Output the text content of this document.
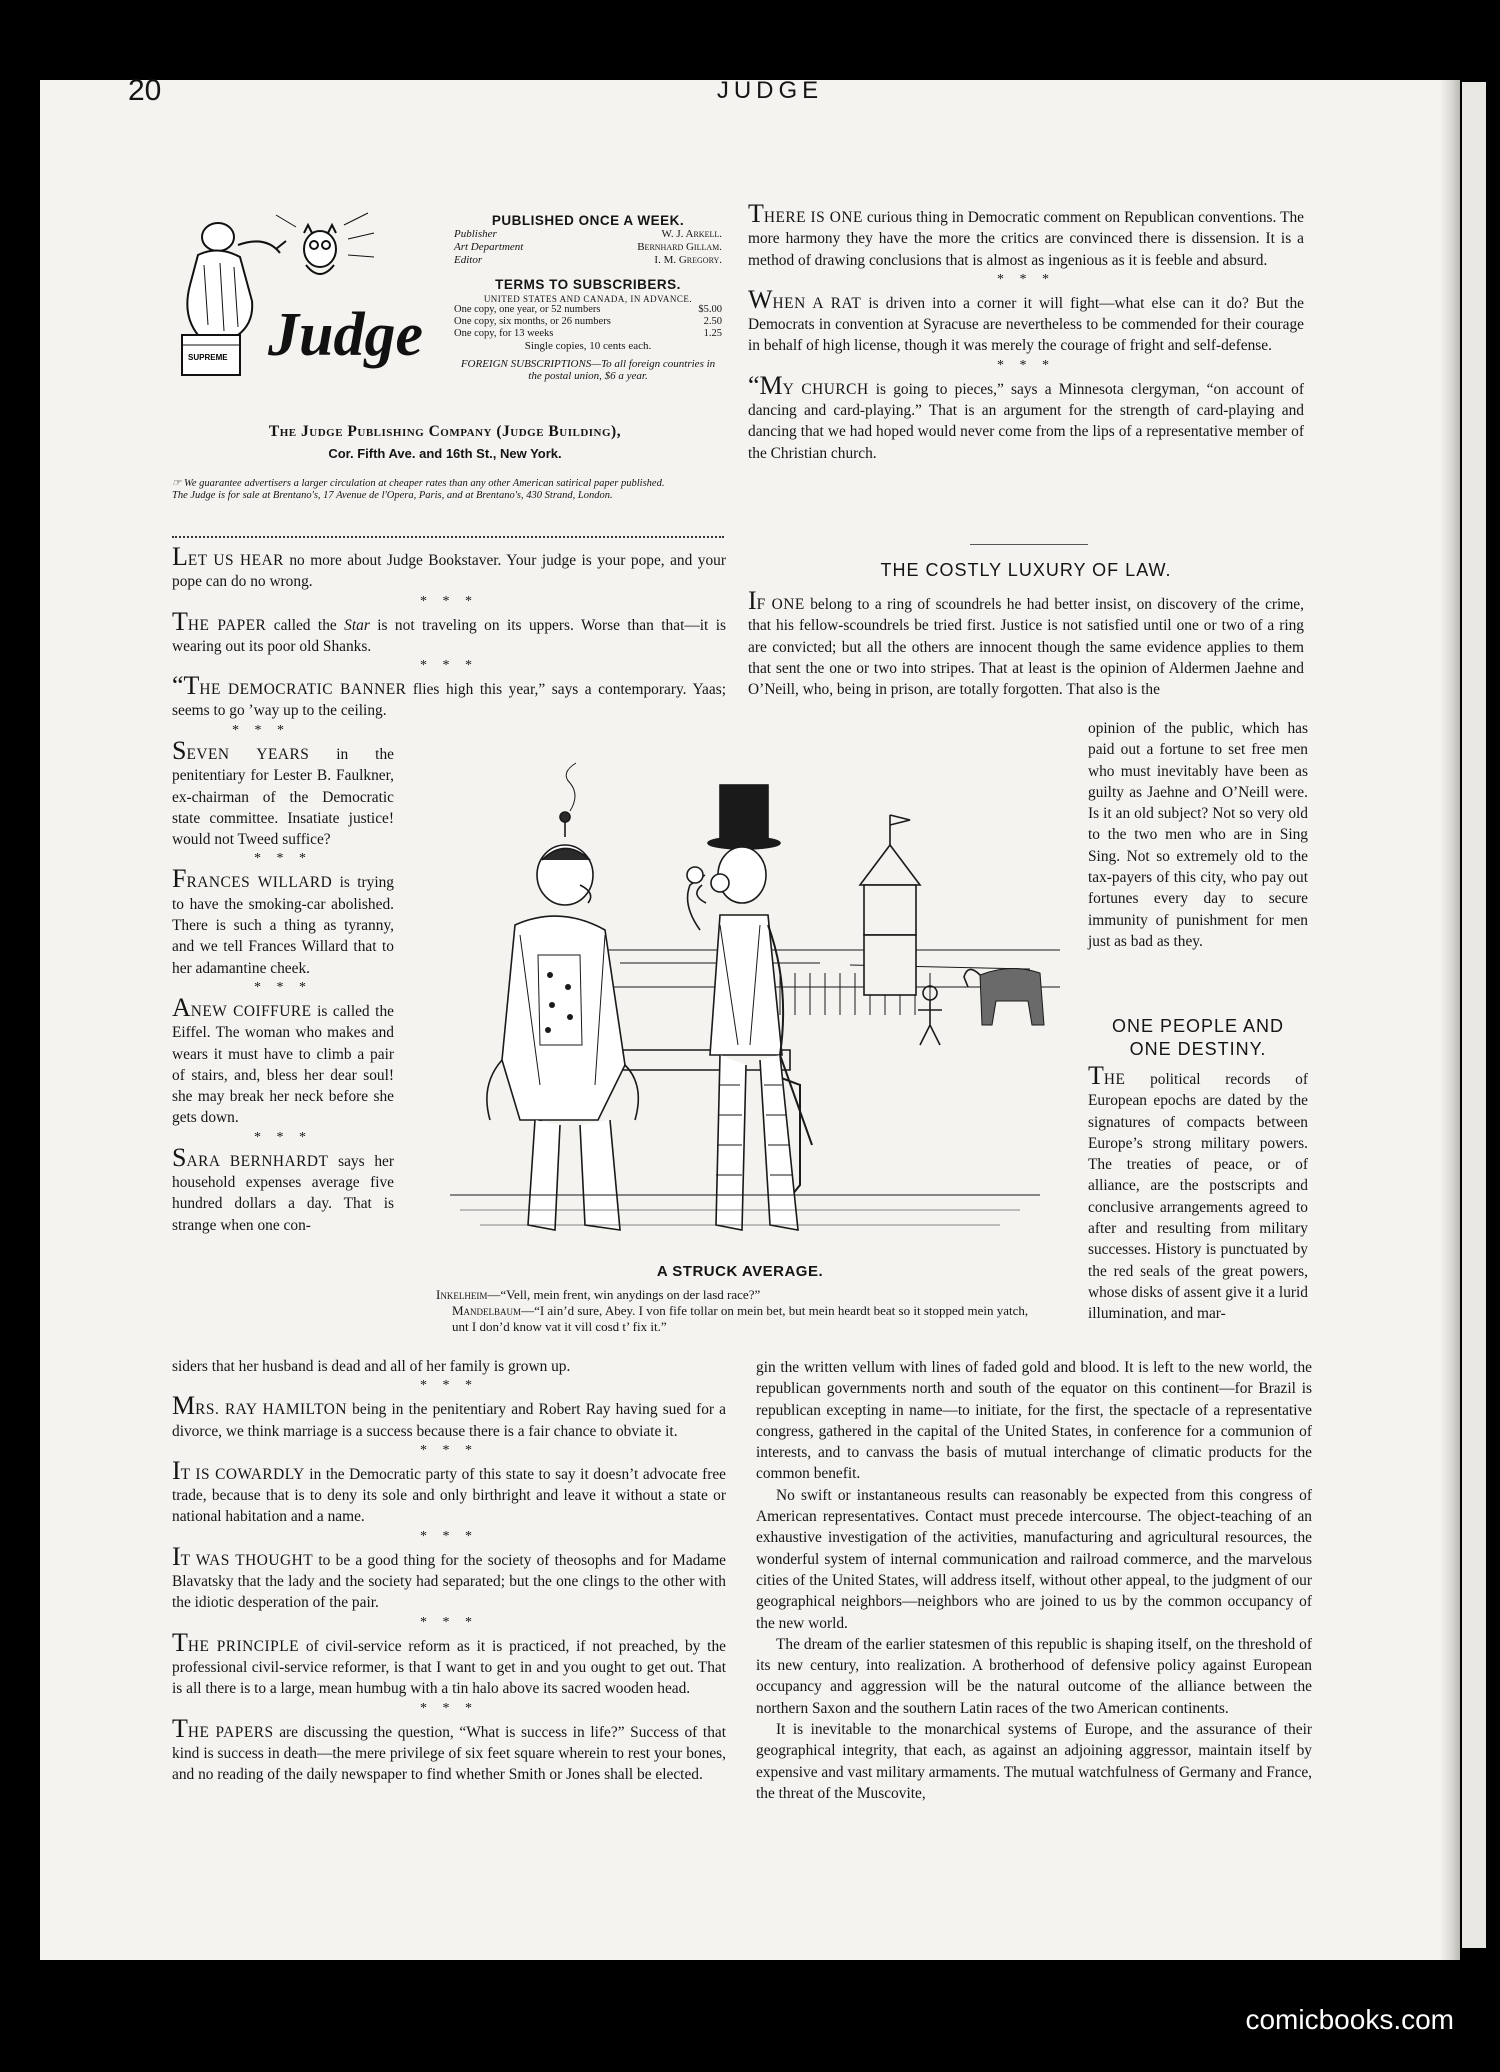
20	JUDGE
SUPREME Judge
PUBLISHED ONCE A WEEK.
Publisher	W. J. Arkell.
Art Department	Bernhard Gillam.
Editor	I. M. Gregory.
TERMS TO SUBSCRIBERS.
UNITED STATES AND CANADA, IN ADVANCE.
One copy, one year, or 52 numbers	$5.00
One copy, six months, or 26 numbers	2.50
One copy, for 13 weeks	1.25
Single copies, 10 cents each.
FOREIGN SUBSCRIPTIONS—To all foreign countries in the postal union, $6 a year.
The Judge Publishing Company (Judge Building),
Cor. Fifth Ave. and 16th St., New York.
☞ We guarantee advertisers a larger circulation at cheaper rates than any other American satirical paper published.
The Judge is for sale at Brentano's, 17 Avenue de l'Opera, Paris, and at Brentano's, 430 Strand, London.

LET US HEAR no more about Judge Bookstaver. Your judge is your pope, and your pope can do no wrong.

* * *

THE PAPER called the Star is not traveling on its uppers. Worse than that—it is wearing out its poor old Shanks.

* * *

“THE DEMOCRATIC BANNER flies high this year,” says a contemporary. Yaas; seems to go ’way up to the ceiling.

* * *

SEVEN YEARS in the penitentiary for Lester B. Faulkner, ex-chairman of the Democratic state committee. Insatiate justice! would not Tweed suffice?

* * *

FRANCES WILLARD is trying to have the smoking-car abolished. There is such a thing as tyranny, and we tell Frances Willard that to her adamantine cheek.

* * *

ANEW COIFFURE is called the Eiffel. The woman who makes and wears it must have to climb a pair of stairs, and, bless her dear soul! she may break her neck before she gets down.

* * *

SARA BERNHARDT says her household expenses average five hundred dollars a day. That is strange when one con-

siders that her husband is dead and all of her family is grown up.

* * *

MRS. RAY HAMILTON being in the penitentiary and Robert Ray having sued for a divorce, we think marriage is a success because there is a fair chance to obviate it.

* * *

IT IS COWARDLY in the Democratic party of this state to say it doesn’t advocate free trade, because that is to deny its sole and only birthright and leave it without a state or national habitation and a name.

* * *

IT WAS THOUGHT to be a good thing for the society of theosophs and for Madame Blavatsky that the lady and the society had separated; but the one clings to the other with the idiotic desperation of the pair.

* * *

THE PRINCIPLE of civil-service reform as it is practiced, if not preached, by the professional civil-service reformer, is that I want to get in and you ought to get out. That is all there is to a large, mean humbug with a tin halo above its sacred wooden head.

* * *

THE PAPERS are discussing the question, “What is success in life?” Success of that kind is success in death—the mere privilege of six feet square wherein to rest your bones, and no reading of the daily newspaper to find whether Smith or Jones shall be elected.

THERE IS ONE curious thing in Democratic comment on Republican conventions. The more harmony they have the more the critics are convinced there is dissension. It is a method of drawing conclusions that is almost as ingenious as it is feeble and absurd.

* * *

WHEN A RAT is driven into a corner it will fight—what else can it do? But the Democrats in convention at Syracuse are nevertheless to be commended for their courage in behalf of high license, though it was merely the courage of fright and self-defense.

* * *

“MY CHURCH is going to pieces,” says a Minnesota clergyman, “on account of dancing and card-playing.” That is an argument for the strength of card-playing and dancing that we had hoped would never come from the lips of a representative member of the Christian church.

THE COSTLY LUXURY OF LAW.

IF ONE belong to a ring of scoundrels he had better insist, on discovery of the crime, that his fellow-scoundrels be tried first. Justice is not satisfied until one or two of a ring are convicted; but all the others are innocent though the same evidence applies to them that sent the one or two into stripes. That at least is the opinion of Aldermen Jaehne and O’Neill, who, being in prison, are totally forgotten. That also is the

opinion of the public, which has paid out a fortune to set free men who must inevitably have been as guilty as Jaehne and O’Neill were. Is it an old subject? Not so very old to the two men who are in Sing Sing. Not so extremely old to the tax-payers of this city, who pay out fortunes every day to secure immunity of punishment for men just as bad as they.

ONE PEOPLE AND
ONE DESTINY.

THE political records of European epochs are dated by the signatures of compacts between Europe’s strong military powers. The treaties of peace, or of alliance, are the postscripts and conclusive arrangements agreed to after and resulting from military successes. History is punctuated by the red seals of the great powers, whose disks of assent give it a lurid illumination, and mar-

gin the written vellum with lines of faded gold and blood. It is left to the new world, the republican governments north and south of the equator on this continent—for Brazil is republican excepting in name—to initiate, for the first, the spectacle of a representative congress, gathered in the capital of the United States, in conference for a communion of interests, and to canvass the basis of mutual interchange of climatic products for the common benefit.

No swift or instantaneous results can reasonably be expected from this congress of American representatives. Contact must precede intercourse. The object-teaching of an exhaustive investigation of the activities, manufacturing and agricultural resources, the wonderful system of internal communication and railroad commerce, and the marvelous cities of the United States, will address itself, without other appeal, to the judgment of our geographical neighbors—neighbors who are joined to us by the common occupancy of the new world.

The dream of the earlier statesmen of this republic is shaping itself, on the threshold of its new century, into realization. A brotherhood of defensive policy against European occupancy and aggression will be the natural outcome of the alliance between the northern Saxon and the southern Latin races of the two American continents.

It is inevitable to the monarchical systems of Europe, and the assurance of their geographical integrity, that each, as against an adjoining aggressor, maintain itself by expensive and vast military armaments. The mutual watchfulness of Germany and France, the threat of the Muscovite,

A STRUCK AVERAGE.
Inkelheim—“Vell, mein frent, win anydings on der lasd race?”
Mandelbaum—“I ain’d sure, Abey. I von fife tollar on mein bet, but mein heardt beat so it stopped mein yatch, unt I don’d know vat it vill cosd t’ fix it.”
comicbooks.com
